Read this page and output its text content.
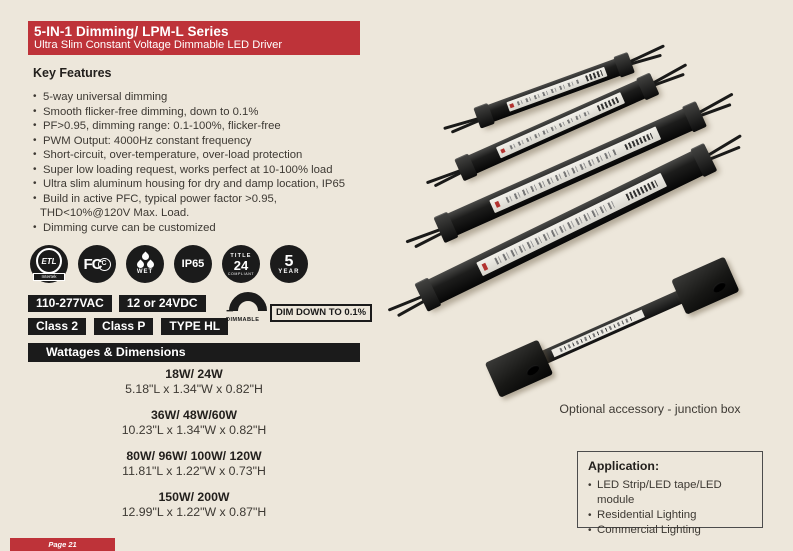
5-IN-1 Dimming/ LPM-L Series
Ultra Slim Constant Voltage Dimmable LED Driver
Key Features
• 5-way universal dimming
• Smooth flicker-free dimming, down to 0.1%
• PF>0.95, dimming range: 0.1-100%, flicker-free
• PWM Output: 4000Hz constant frequency
• Short-circuit, over-temperature, over-load protection
• Super low loading request, works perfect at 10-100% load
• Ultra slim aluminum housing for dry and damp location, IP65
• Build in active PFC, typical power factor >0.95,
THD<10%@120V Max. Load.
• Dimming curve can be customized
ETL
Intertek
FC C
WET
IP65
TITLE
24
COMPLIANT
5
YEAR
110-277VAC	12 or 24VDC
Class 2	Class P	TYPE HL
− +
DIMMABLE
DIM DOWN TO 0.1%
Wattages & Dimensions
18W/ 24W
5.18"L x 1.34"W x 0.82"H
36W/ 48W/60W
10.23"L x 1.34"W x 0.82"H
80W/ 96W/ 100W/ 120W
11.81"L x 1.22"W x 0.73"H
150W/ 200W
12.99"L x 1.22"W x 0.87"H
Optional accessory - junction box
Application:
• LED Strip/LED tape/LED module
• Residential Lighting
• Commercial Lighting
Page 21
